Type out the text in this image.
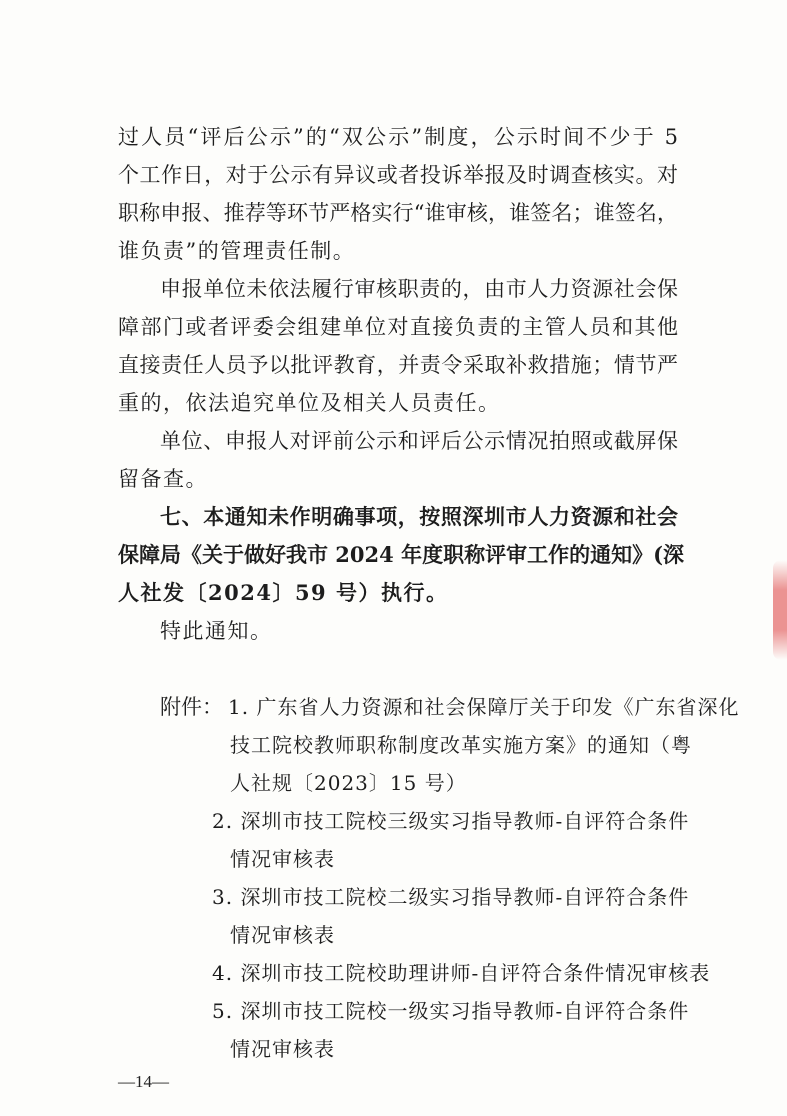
过人员“评后公示”的“双公示”制度，公示时间不少于 5
个工作日，对于公示有异议或者投诉举报及时调查核实。对
职称申报、推荐等环节严格实行“谁审核，谁签名；谁签名，
谁负责”的管理责任制。
申报单位未依法履行审核职责的，由市人力资源社会保
障部门或者评委会组建单位对直接负责的主管人员和其他
直接责任人员予以批评教育，并责令采取补救措施；情节严
重的，依法追究单位及相关人员责任。
单位、申报人对评前公示和评后公示情况拍照或截屏保
留备查。
七、本通知未作明确事项，按照深圳市人力资源和社会
保障局《关于做好我市 2024 年度职称评审工作的通知》(深
人社发〔2024〕59 号）执行。
特此通知。
附件： 1. 广东省人力资源和社会保障厅关于印发《广东省深化
技工院校教师职称制度改革实施方案》的通知（粤
人社规〔2023〕15 号）
2. 深圳市技工院校三级实习指导教师-自评符合条件
情况审核表
3. 深圳市技工院校二级实习指导教师-自评符合条件
情况审核表
4. 深圳市技工院校助理讲师-自评符合条件情况审核表
5. 深圳市技工院校一级实习指导教师-自评符合条件
情况审核表
—14—
